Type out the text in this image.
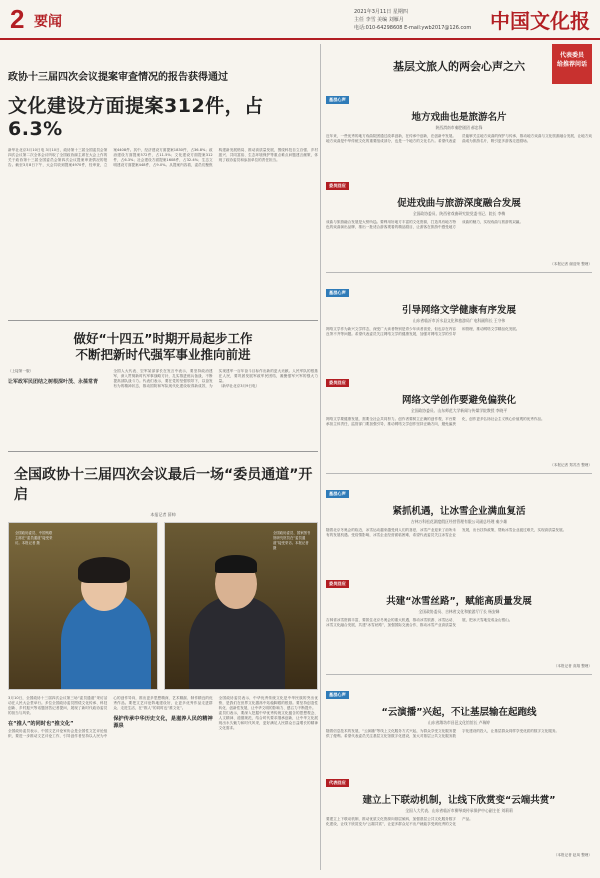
2 要闻
2021年3月11日 星期四
主任 李雪 美编 刘雁月
电话:010-64298608 E-mail:ywb2017@126.com 中国文化报
政协十三届四次会议提案审查情况的报告获得通过
文化建设方面提案312件，占6.3%

新华社北京3月10日电 3月10日，政协第十三届全国委员会第四次会议第二次全体会议听取了全国政协副主席在大会上作的关于政协第十三届全国委员会第四次会议提案审查情况的报告。截至3月8日下午，大会共收到提案4970件，经审查，立案4408件。其中，经济建设方面提案1830件，占36.8%；政治建设方面提案572件，占11.5%；文化建设方面提案312件，占6.3%；社会建设方面提案1608件，占32.4%；生态文明建设方面提案448件，占9.0%。从提案内容看，委员们聚焦构建新发展格局、推动高质量发展，围绕科技自立自强、乡村振兴、共同富裕、生态环境保护等重点难点问题建言献策，体现了政协委员和参加单位的责任担当。

做好“十四五”时期开局起步工作
不断把新时代强军事业推向前进

（上接第一版）

让军政军民团结之树根深叶茂、永葆常青

全国人大代表、空军某部部长在发言中表示，要坚持政治建军，深入贯彻新时代军事战略方针，扎实推进练兵备战，不断提高部队战斗力。代表们表示，要在党的坚强领导下，以奋发有为的精神状态，推动国防和军队现代化建设取得新成效，为实现建军一百年奋斗目标作出新的更大贡献。人民军队的根基在人民，要巩固发展军政军民团结，凝聚强军兴军的强大力量。

（新华社北京3月9日电）

全国政协十三届四次会议最后一场“委员通道”开启
本报记者 薛帅
全国政协委员、中国残联主席在“委员通道”接受采访。本报记者 摄
全国政协委员、国家图书馆研究馆员在“委员通道”接受采访。本报记者 摄

3月10日，全国政协十三届四次会议第三场“委员通道”采访活动在人民大会堂举行。多位全国政协委员围绕文化传承、科技创新、乡村振兴等话题回答记者提问，展现了新时代政协委员的担当与风采。

在“推人”的同时也“推文化”

全国政协委员表示，中国文艺评论家协会是全国性文艺评论组织，要进一步推动文艺评论工作，引导创作者坚持以人民为中心的创作导向，推出更多思想精深、艺术精湛、制作精良的优秀作品。要把文艺评论阵地建设好，让更多优秀作品走进群众、走进生活，在“推人”的同时也“推文化”。

保护传承中华历史文化，是滋养人民的精神源泉

全国政协委员表示，中华优秀传统文化是中华民族的突出优势，是我们在世界文化激荡中站稳脚跟的根基。要坚持创造性转化、创新性发展，让中华文明的影响力、感召力不断提升。

委员们表示，要深入挖掘中华优秀传统文化蕴含的思想观念、人文精神、道德规范，结合时代要求继承创新，让中华文化展现出永久魅力和时代风采，更好满足人民群众日益增长的精神文化需求。

代表委员
给推荐问话
基层文旅人的两会心声之六
基层心声
地方戏曲也是旅游名片
陕西渭南市秦腔剧团 郝忠锋
近年来，一些优秀的地方戏曲院团通过改革创新，在传承中创新，在创新中发展。地方戏曲是中华传统文化的重要组成部分，也是一个地方的文化名片。希望代表委员能够关注地方戏曲的保护与传承，推动地方戏曲与文化旅游融合发展，让地方戏曲成为旅游名片，吸引更多游客走进剧场。
委员回应
促进戏曲与旅游深度融合发展
全国政协委员、陕西省戏曲研究院党委书记、院长 李梅
戏曲与旅游融合发展是大势所趋。要利用好地方丰富的文化资源，打造具有地方特色的戏曲演出品牌，推出一批适合游客观看的精品剧目，让游客在旅游中感受地方戏曲的魅力，实现戏曲与旅游的双赢。
（本报记者 谢迎荣 整理）
基层心声
引导网络文学健康有序发展
山东省临沂市沂水县文化和旅游局广电科副科长 王守伟
网络文学作为新兴文学样态，深受广大读者特别是青少年读者喜爱，但也存在内容良莠不齐等问题。希望代表委员关注网络文学的健康发展，加强对网络文学的引导和管理，推动网络文学精品化发展。
委员回应
网络文学创作要避免偏狭化
全国政协委员、山东师范大学新闻与传媒学院教授 李晓平
网络文学要健康发展，需要全社会共同努力。创作者要树立正确的创作观，平台要承担主体责任，监管部门要加强引导，推动网络文学创作坚持正确方向，避免偏狭化，创作更多弘扬社会主义核心价值观的优秀作品。
（本报记者 郑苏杰 整理）
基层心声
紧抓机遇，让冰雪企业满血复活
吉林万科松花湖度假区经营管理有限公司副总经理 秦少雄
随着北京冬奥会的临近，冰雪运动越来越受到人们的喜爱，冰雪产业迎来了前所未有的发展机遇。受疫情影响，冰雪企业经营面临困难，希望代表委员关注冰雪企业发展，出台扶持政策，帮助冰雪企业渡过难关，实现高质量发展。
委员回应
共建“冰雪丝路”，赋能高质量发展
全国政协委员、吉林省文化和旅游厅厅长 杨安娣
吉林省冰雪资源丰富，要抓住北京冬奥会的重大机遇，推动冰雪旅游、冰雪运动、冰雪文化融合发展，共建“冰雪丝路”，加强国际交流合作，推动冰雪产业高质量发展，把冰天雪地变成金山银山。
（本报记者 高翔 整理）
基层心声
“云演播”兴起，不让基层输在起跑线
山东省潍坊市昌邑文化馆馆长 卢瑞婷
随着信息技术的发展，“云演播”等线上文化服务方式兴起，为群众享受文化服务提供了便利。希望代表委员关注基层文化馆数字化建设，加大对基层公共文化服务数字化建设的投入，让基层群众同样享受优质的数字文化服务。
代表回应
建立上下联动机制，让线下欣赏变“云端共赏”
全国人大代表、山东省临沂市柳琴戏传承保护中心副主任 刘莉莉
要建立上下联动机制，推动优质文化资源向基层倾斜，加强基层公共文化服务数字化建设，让线下欣赏变为“云端共赏”，让更多群众足不出户就能享受到优秀的文化产品。
（本报记者 赵凤 整理）
